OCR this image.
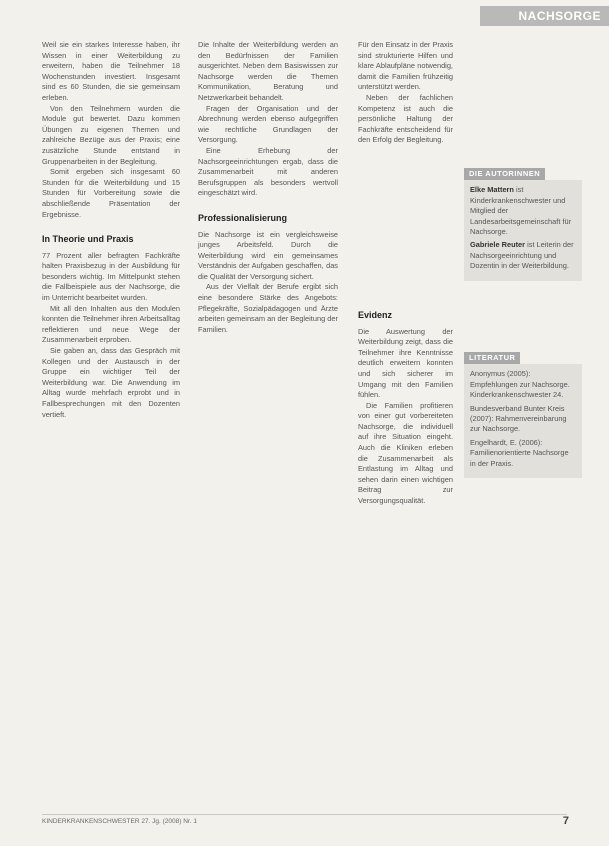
NACHSORGE

Weil sie ein starkes Interesse haben, ihr Wissen in einer Weiterbildung zu erweitern, haben die Teilnehmer 18 Wochenstunden investiert. Insgesamt sind es 60 Stunden, die sie gemeinsam erleben.

Von den Teilnehmern wurden die Module gut bewertet. Dazu kommen Übungen zu eigenen Themen und zahlreiche Bezüge aus der Praxis; eine zusätzliche Stunde entstand in Gruppenarbeiten in der Begleitung.

Somit ergeben sich insgesamt 60 Stunden für die Weiterbildung und 15 Stunden für Vorbereitung sowie die abschließende Präsentation der Ergebnisse.

In Theorie und Praxis

77 Prozent aller befragten Fachkräfte halten Praxisbezug in der Ausbildung für besonders wichtig. Im Mittelpunkt stehen die Fallbeispiele aus der Nachsorge, die im Unterricht bearbeitet wurden.

Mit all den Inhalten aus den Modulen konnten die Teilnehmer ihren Arbeitsalltag reflektieren und neue Wege der Zusammenarbeit erproben.

Sie gaben an, dass das Gespräch mit Kollegen und der Austausch in der Gruppe ein wichtiger Teil der Weiterbildung war. Die Anwendung im Alltag wurde mehrfach erprobt und in Fallbesprechungen mit den Dozenten vertieft.

Die Inhalte der Weiterbildung werden an den Bedürfnissen der Familien ausgerichtet. Neben dem Basiswissen zur Nachsorge werden die Themen Kommunikation, Beratung und Netzwerkarbeit behandelt.

Fragen der Organisation und der Abrechnung werden ebenso aufgegriffen wie rechtliche Grundlagen der Versorgung.

Eine Erhebung der Nachsorgeeinrichtungen ergab, dass die Zusammenarbeit mit anderen Berufsgruppen als besonders wertvoll eingeschätzt wird.

Professionalisierung

Die Nachsorge ist ein vergleichsweise junges Arbeitsfeld. Durch die Weiterbildung wird ein gemeinsames Verständnis der Aufgaben geschaffen, das die Qualität der Versorgung sichert.

Aus der Vielfalt der Berufe ergibt sich eine besondere Stärke des Angebots: Pflegekräfte, Sozialpädagogen und Ärzte arbeiten gemeinsam an der Begleitung der Familien.

Für den Einsatz in der Praxis sind strukturierte Hilfen und klare Ablaufpläne notwendig, damit die Familien frühzeitig unterstützt werden.

Neben der fachlichen Kompetenz ist auch die persönliche Haltung der Fachkräfte entscheidend für den Erfolg der Begleitung.

Evidenz

Die Auswertung der Weiterbildung zeigt, dass die Teilnehmer ihre Kenntnisse deutlich erweitern konnten und sich sicherer im Umgang mit den Familien fühlen.

Die Familien profitieren von einer gut vorbereiteten Nachsorge, die individuell auf ihre Situation eingeht. Auch die Kliniken erleben die Zusammenarbeit als Entlastung im Alltag und sehen darin einen wichtigen Beitrag zur Versorgungsqualität.

DIE AUTORINNEN

Elke Mattern ist Kinderkrankenschwester und Mitglied der Landesarbeitsgemeinschaft für Nachsorge.

Gabriele Reuter ist Leiterin der Nachsorgeeinrichtung und Dozentin in der Weiterbildung.

LITERATUR

Anonymus (2005): Empfehlungen zur Nachsorge. Kinderkrankenschwester 24.

Bundesverband Bunter Kreis (2007): Rahmenvereinbarung zur Nachsorge.

Engelhardt, E. (2006): Familienorientierte Nachsorge in der Praxis.

KINDERKRANKENSCHWESTER 27. Jg. (2008) Nr. 1	7
